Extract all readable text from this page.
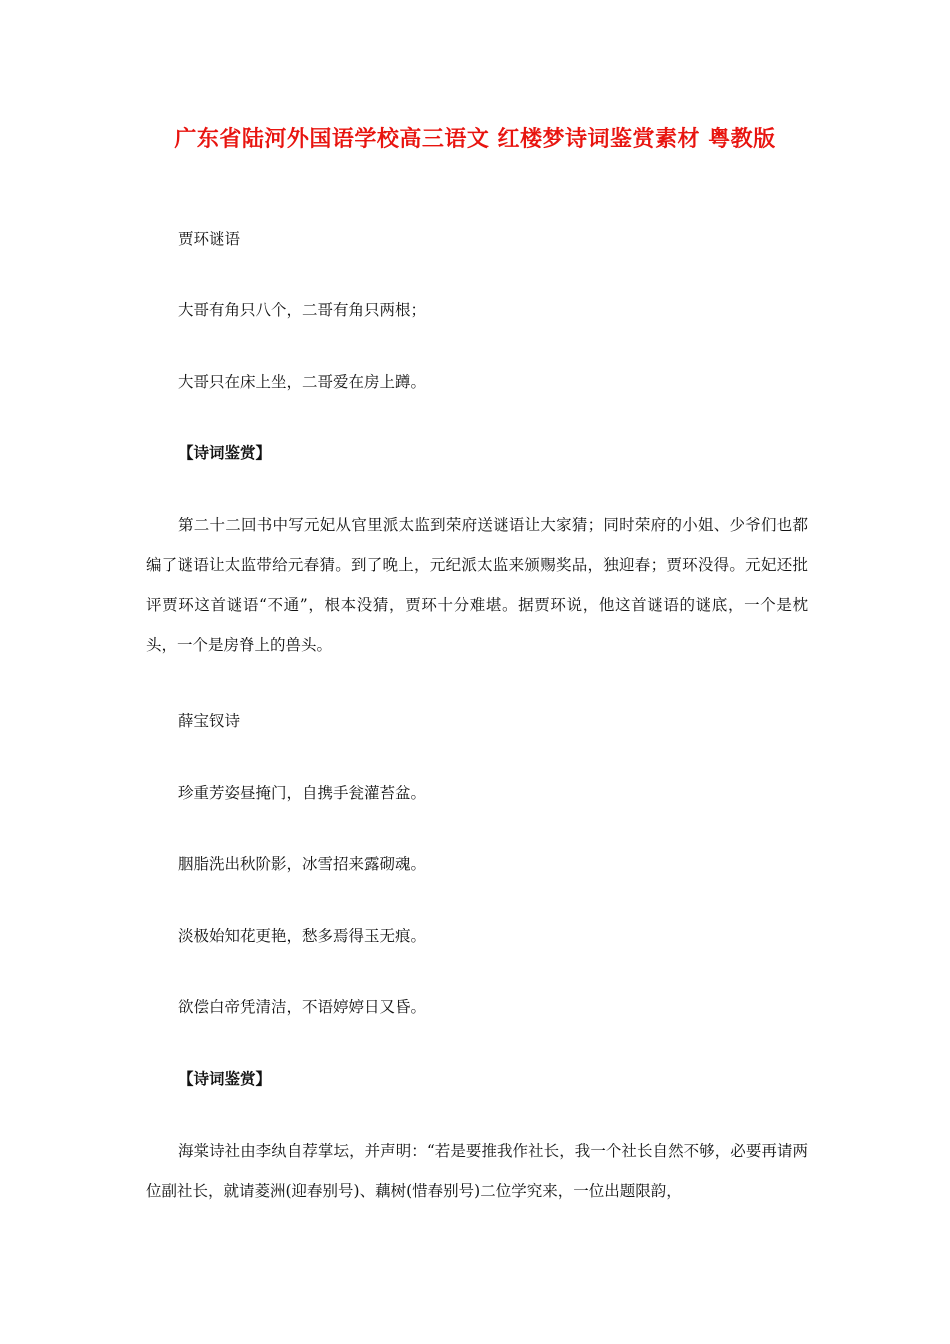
广东省陆河外国语学校高三语文 红楼梦诗词鉴赏素材 粤教版
贾环谜语
大哥有角只八个，二哥有角只两根；
大哥只在床上坐，二哥爱在房上蹲。
【诗词鉴赏】
第二十二回书中写元妃从官里派太监到荣府送谜语让大家猜；同时荣府的小姐、少爷们也都编了谜语让太监带给元春猜。到了晚上，元纪派太监来颁赐奖品，独迎春；贾环没得。元妃还批评贾环这首谜语“不通”，根本没猜，贾环十分难堪。据贾环说，他这首谜语的谜底，一个是枕头，一个是房脊上的兽头。
薛宝钗诗
珍重芳姿昼掩门，自携手瓮灌苔盆。
胭脂洗出秋阶影，冰雪招来露砌魂。
淡极始知花更艳，愁多焉得玉无痕。
欲偿白帝凭清洁，不语婷婷日又昏。
【诗词鉴赏】
海棠诗社由李纨自荐掌坛，并声明：“若是要推我作社长，我一个社长自然不够，必要再请两位副社长，就请菱洲(迎春别号)、藕树(惜春别号)二位学究来，一位出题限韵，
